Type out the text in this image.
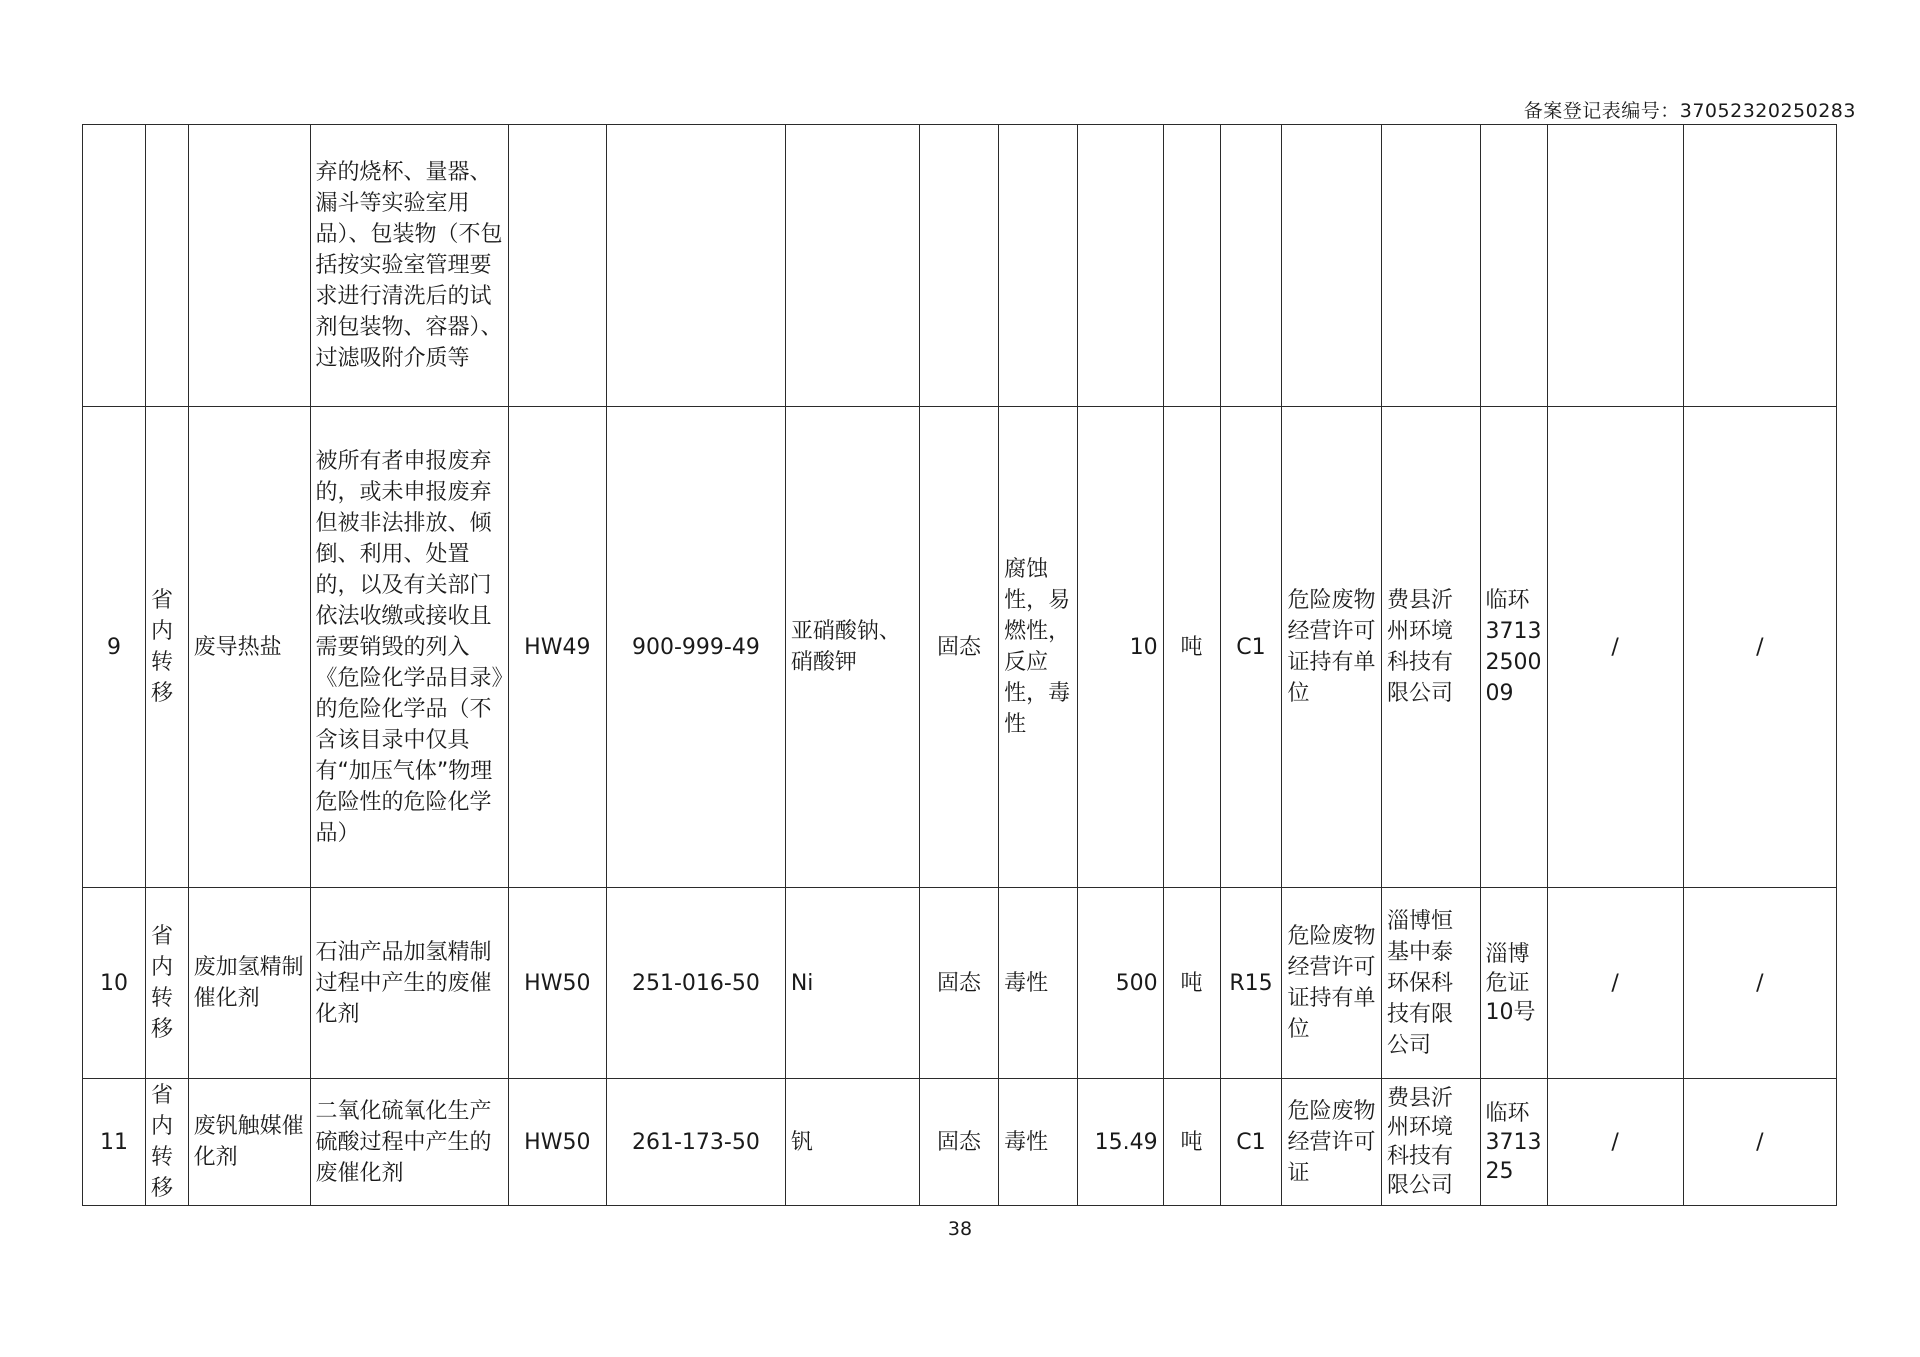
备案登记表编号：37052320250283
			弃的烧杯、量器、漏斗等实验室用品）、包装物（不包括按实验室管理要求进行清洗后的试剂包装物、容器）、过滤吸附介质等													
9	省内转移	废导热盐	被所有者申报废弃的，或未申报废弃但被非法排放、倾倒、利用、处置的，以及有关部门依法收缴或接收且需要销毁的列入《危险化学品目录》的危险化学品（不含该目录中仅具有“加压气体”物理危险性的危险化学品）	HW49	900-999-49	亚硝酸钠、硝酸钾	固态	腐蚀性，易燃性，反应性，毒性	10	吨	C1	危险废物经营许可证持有单位	费县沂州环境科技有限公司	临环3713250009	/	/
10	省内转移	废加氢精制催化剂	石油产品加氢精制过程中产生的废催化剂	HW50	251-016-50	Ni	固态	毒性	500	吨	R15	危险废物经营许可证持有单位	淄博恒基中泰环保科技有限公司	淄博危证10号	/	/
11	省内转移	废钒触媒催化剂	二氧化硫氧化生产硫酸过程中产生的废催化剂	HW50	261-173-50	钒	固态	毒性	15.49	吨	C1	危险废物经营许可证	费县沂州环境科技有限公司	临环371325	/	/
38
